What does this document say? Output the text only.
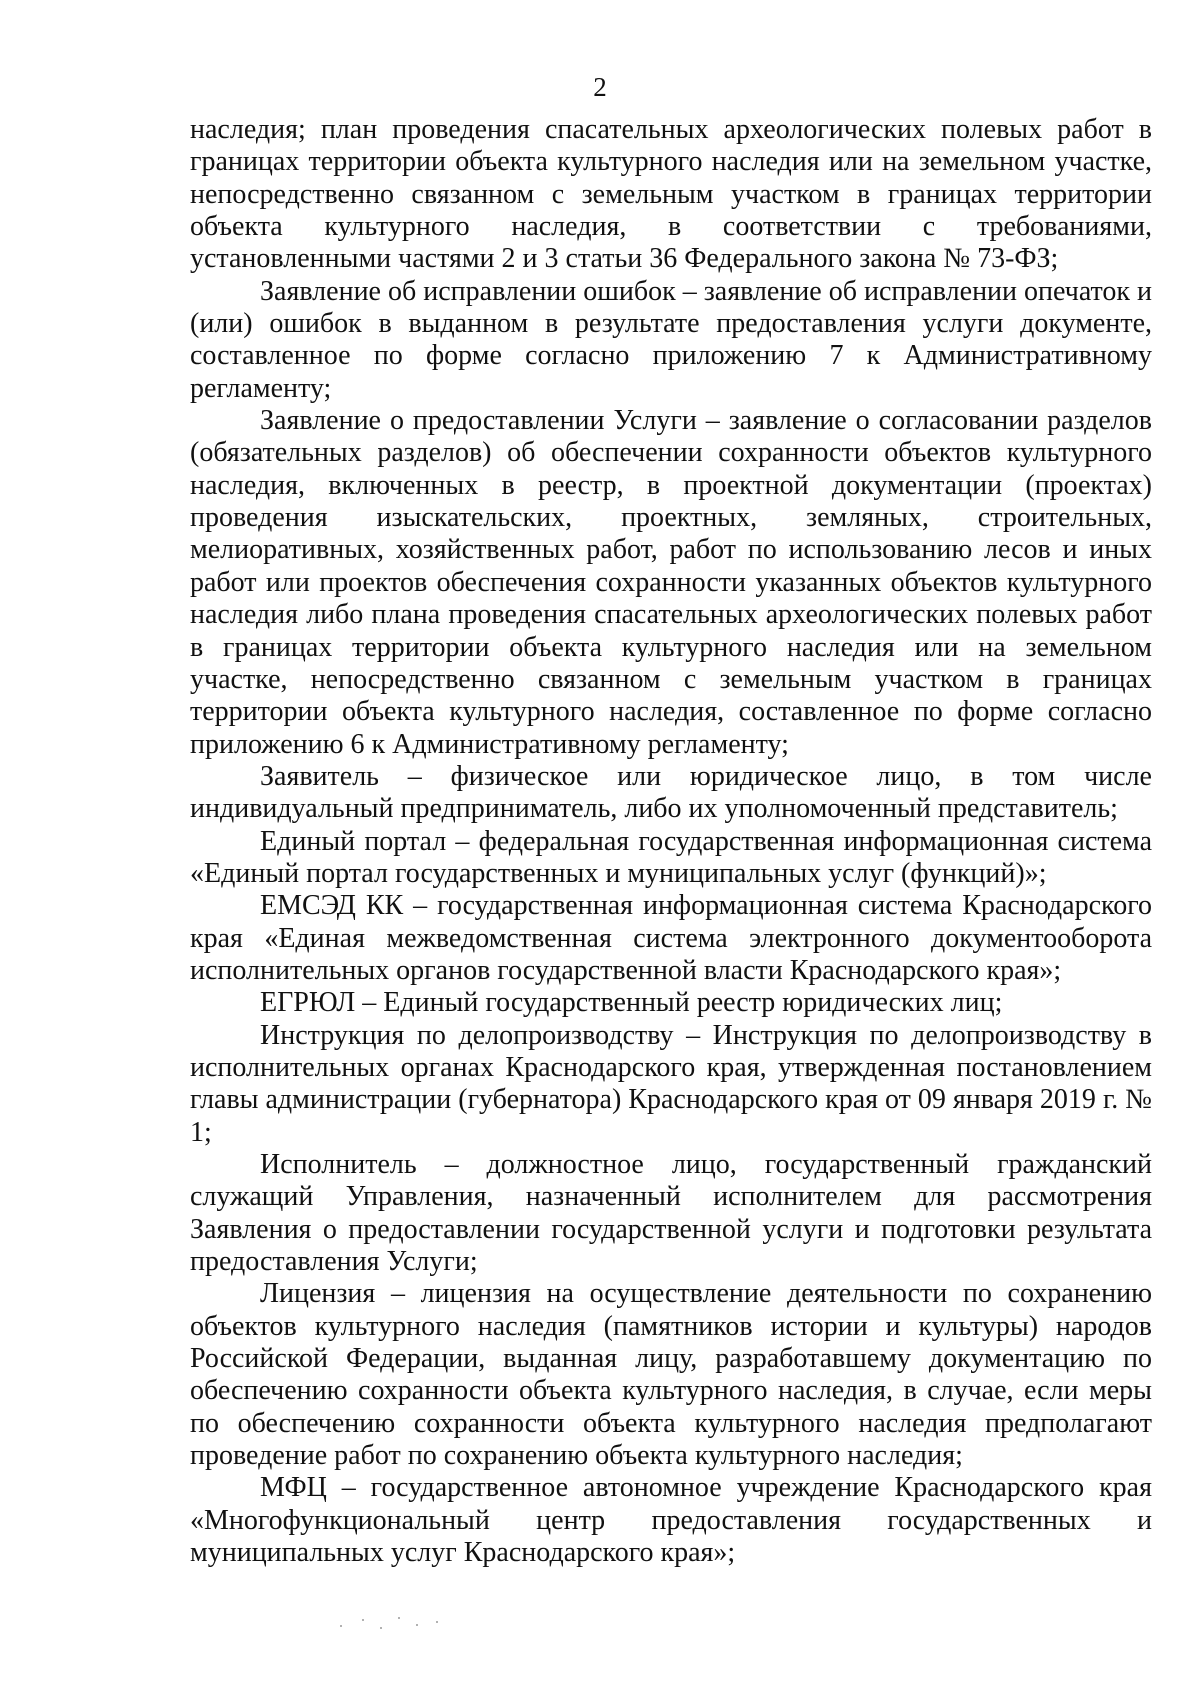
2

наследия; план проведения спасательных археологических полевых работ в границах территории объекта культурного наследия или на земельном участке, непосредственно связанном с земельным участком в границах территории объекта культурного наследия, в соответствии с требованиями, установленными частями 2 и 3 статьи 36 Федерального закона № 73-ФЗ;

Заявление об исправлении ошибок – заявление об исправлении опечаток и (или) ошибок в выданном в результате предоставления услуги документе, составленное по форме согласно приложению 7 к Административному регламенту;

Заявление о предоставлении Услуги – заявление о согласовании разделов (обязательных разделов) об обеспечении сохранности объектов культурного наследия, включенных в реестр, в проектной документации (проектах) проведения изыскательских, проектных, земляных, строительных, мелиоративных, хозяйственных работ, работ по использованию лесов и иных работ или проектов обеспечения сохранности указанных объектов культурного наследия либо плана проведения спасательных археологических полевых работ в границах территории объекта культурного наследия или на земельном участке, непосредственно связанном с земельным участком в границах территории объекта культурного наследия, составленное по форме согласно приложению 6 к Административному регламенту;

Заявитель – физическое или юридическое лицо, в том числе индивидуальный предприниматель, либо их уполномоченный представитель;

Единый портал – федеральная государственная информационная система «Единый портал государственных и муниципальных услуг (функций)»;

ЕМСЭД КК – государственная информационная система Краснодарского края «Единая межведомственная система электронного документооборота исполнительных органов государственной власти Краснодарского края»;

ЕГРЮЛ – Единый государственный реестр юридических лиц;

Инструкция по делопроизводству – Инструкция по делопроизводству в исполнительных органах Краснодарского края, утвержденная постановлением главы администрации (губернатора) Краснодарского края от 09 января 2019 г. № 1;

Исполнитель – должностное лицо, государственный гражданский служащий Управления, назначенный исполнителем для рассмотрения Заявления о предоставлении государственной услуги и подготовки результата предоставления Услуги;

Лицензия – лицензия на осуществление деятельности по сохранению объектов культурного наследия (памятников истории и культуры) народов Российской Федерации, выданная лицу, разработавшему документацию по обеспечению сохранности объекта культурного наследия, в случае, если меры по обеспечению сохранности объекта культурного наследия предполагают проведение работ по сохранению объекта культурного наследия;

МФЦ – государственное автономное учреждение Краснодарского края «Многофункциональный центр предоставления государственных и муниципальных услуг Краснодарского края»;
